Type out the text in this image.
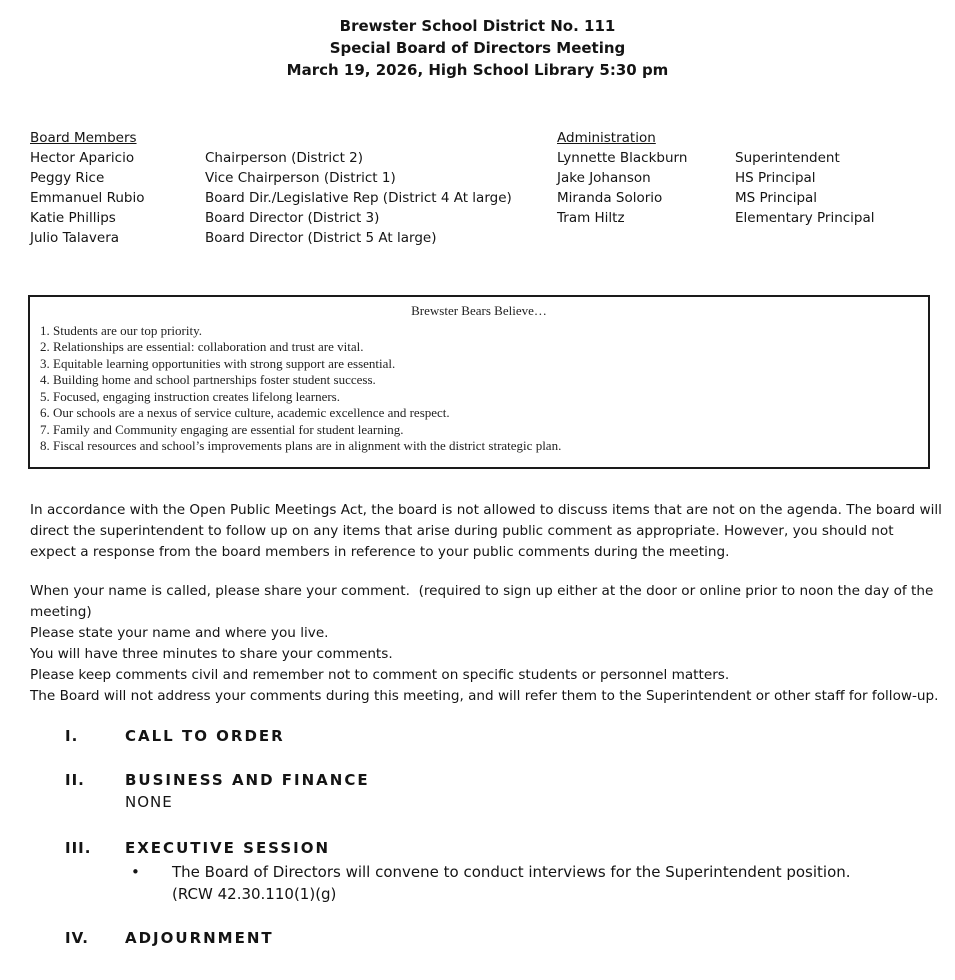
Brewster School District No. 111
Special Board of Directors Meeting
March 19, 2026, High School Library 5:30 pm
Board Members
Hector Aparicio	Chairperson (District 2)
Peggy Rice	Vice Chairperson (District 1)
Emmanuel Rubio	Board Dir./Legislative Rep (District 4 At large)
Katie Phillips	Board Director (District 3)
Julio Talavera	Board Director (District 5 At large)
Administration
Lynnette Blackburn	Superintendent
Jake Johanson	HS Principal
Miranda Solorio	MS Principal
Tram Hiltz	Elementary Principal
Brewster Bears Believe…
1. Students are our top priority.
2. Relationships are essential: collaboration and trust are vital.
3. Equitable learning opportunities with strong support are essential.
4. Building home and school partnerships foster student success.
5. Focused, engaging instruction creates lifelong learners.
6. Our schools are a nexus of service culture, academic excellence and respect.
7. Family and Community engaging are essential for student learning.
8. Fiscal resources and school’s improvements plans are in alignment with the district strategic plan.
In accordance with the Open Public Meetings Act, the board is not allowed to discuss items that are not on the agenda. The board will direct the superintendent to follow up on any items that arise during public comment as appropriate. However, you should not expect a response from the board members in reference to your public comments during the meeting.
When your name is called, please share your comment.  (required to sign up either at the door or online prior to noon the day of the meeting)
Please state your name and where you live.
You will have three minutes to share your comments.
Please keep comments civil and remember not to comment on specific students or personnel matters.
The Board will not address your comments during this meeting, and will refer them to the Superintendent or other staff for follow-up.
I.	CALL TO ORDER
II.	BUSINESS AND FINANCE
NONE
III.	EXECUTIVE SESSION
•	The Board of Directors will convene to conduct interviews for the Superintendent position.
(RCW 42.30.110(1)(g)
IV.	ADJOURNMENT
